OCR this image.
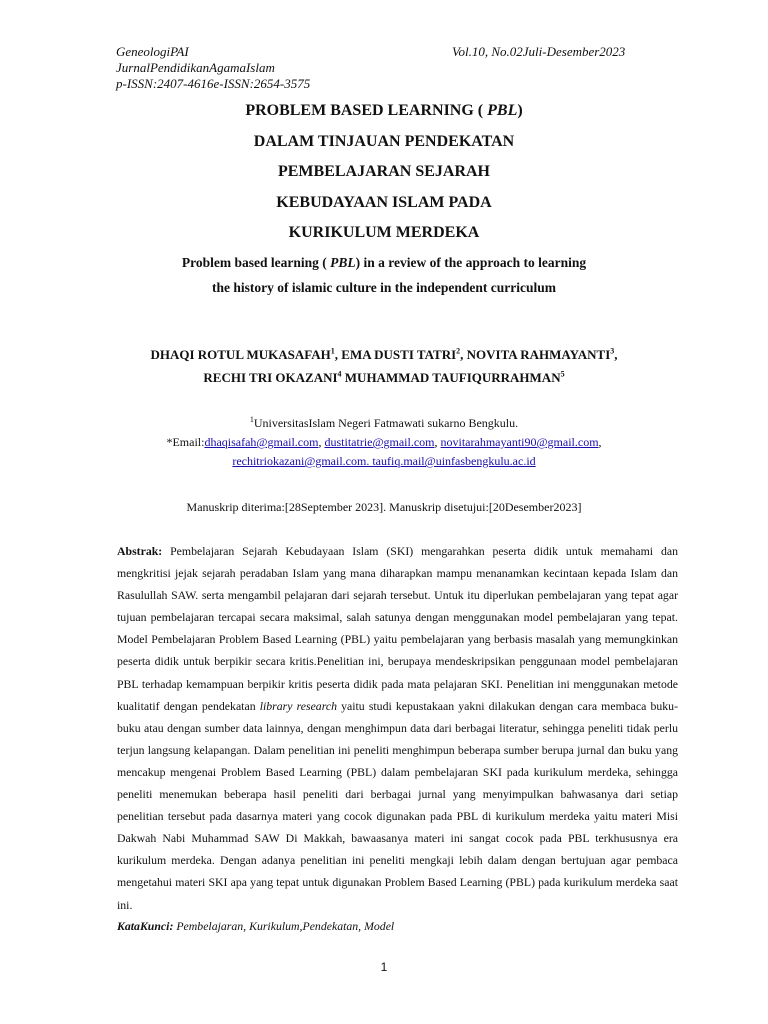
GeneologiPAI
JurnalPendidikanAgamaIslam
p-ISSN:2407-4616e-ISSN:2654-3575
Vol.10, No.02Juli-Desember2023
PROBLEM BASED LEARNING ( PBL)
DALAM TINJAUAN PENDEKATAN
PEMBELAJARAN SEJARAH
KEBUDAYAAN ISLAM PADA
KURIKULUM MERDEKA
Problem based learning ( PBL) in a review of the approach to learning
the history of islamic culture in the independent curriculum
DHAQI ROTUL MUKASAFAH$^1$, EMA DUSTI TATRI$^2$, NOVITA RAHMAYANTI$^3$,
RECHI TRI OKAZANI$^4$ MUHAMMAD TAUFIQURRAHMAN$^5$
$^1$UniversitasIslam Negeri Fatmawati sukarno Bengkulu.
*Email:dhaqisafah@gmail.com, dustitatrie@gmail.com, novitarahmayanti90@gmail.com,
rechitriokazani@gmail.com. taufiq.mail@uinfasbengkulu.ac.id
Manuskrip diterima:[28September 2023]. Manuskrip disetujui:[20Desember2023]
Abstrak: Pembelajaran Sejarah Kebudayaan Islam (SKI) mengarahkan peserta didik untuk memahami dan mengkritisi jejak sejarah peradaban Islam yang mana diharapkan mampu menanamkan kecintaan kepada Islam dan Rasulullah SAW. serta mengambil pelajaran dari sejarah tersebut. Untuk itu diperlukan pembelajaran yang tepat agar tujuan pembelajaran tercapai secara maksimal, salah satunya dengan menggunakan model pembelajaran yang tepat. Model Pembelajaran Problem Based Learning (PBL) yaitu pembelajaran yang berbasis masalah yang memungkinkan peserta didik untuk berpikir secara kritis.Penelitian ini, berupaya mendeskripsikan penggunaan model pembelajaran PBL terhadap kemampuan berpikir kritis peserta didik pada mata pelajaran SKI. Penelitian ini menggunakan metode kualitatif dengan pendekatan library research yaitu studi kepustakaan yakni dilakukan dengan cara membaca buku-buku atau dengan sumber data lainnya, dengan menghimpun data dari berbagai literatur, sehingga peneliti tidak perlu terjun langsung kelapangan. Dalam penelitian ini peneliti menghimpun beberapa sumber berupa jurnal dan buku yang mencakup mengenai Problem Based Learning (PBL) dalam pembelajaran SKI pada kurikulum merdeka, sehingga peneliti menemukan beberapa hasil peneliti dari berbagai jurnal yang menyimpulkan bahwasanya dari setiap penelitian tersebut pada dasarnya materi yang cocok digunakan pada PBL di kurikulum merdeka yaitu materi Misi Dakwah Nabi Muhammad SAW Di Makkah, bawaasanya materi ini sangat cocok pada PBL terkhususnya era kurikulum merdeka. Dengan adanya penelitian ini peneliti mengkaji lebih dalam dengan bertujuan agar pembaca mengetahui materi SKI apa yang tepat untuk digunakan Problem Based Learning (PBL) pada kurikulum merdeka saat ini.
KataKunci: Pembelajaran, Kurikulum,Pendekatan, Model
1
